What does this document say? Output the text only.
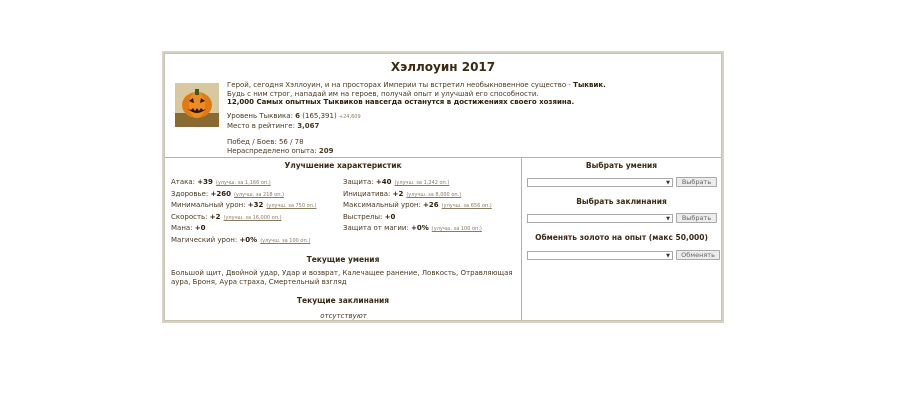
Хэллоуин 2017
Герой, сегодня Хэллоуин, и на просторах Империи ты встретил необыкновенное существо - Тыквик.
Будь с ним строг, нападай им на героев, получай опыт и улучшай его способности.
12,000 Самых опытных Тыквиков навсегда останутся в достижениях своего хозяина.
Уровень Тыквика: 6 (165,391) +24,609
Место в рейтинге: 3,067
Побед / Боев: 56 / 78
Нераспределено опыта: 209
Улучшение характеристик
Атака: +39 (улучш. за 1,166 оп.)
Здоровье: +260 (улучш. за 218 оп.)
Минимальный урон: +32 (улучш. за 750 оп.)
Скорость: +2 (улучш. за 16,000 оп.)
Мана: +0
Магический урон: +0% (улучш. за 100 оп.)
Защита: +40 (улучш. за 1,242 оп.)
Инициатива: +2 (улучш. за 8,000 оп.)
Максимальный урон: +26 (улучш. за 656 оп.)
Выстрелы: +0
Защита от магии: +0% (улучш. за 100 оп.)
Текущие умения
Большой щит, Двойной удар, Удар и возврат, Калечащее ранение, Ловкость, Отравляющая аура, Броня, Аура страха, Смертельный взгляд
Текущие заклинания
отсутствуют
Выбрать умения
▼	Выбрать
Выбрать заклинания
▼	Выбрать
Обменять золото на опыт (макс 50,000)
▼	Обменять
